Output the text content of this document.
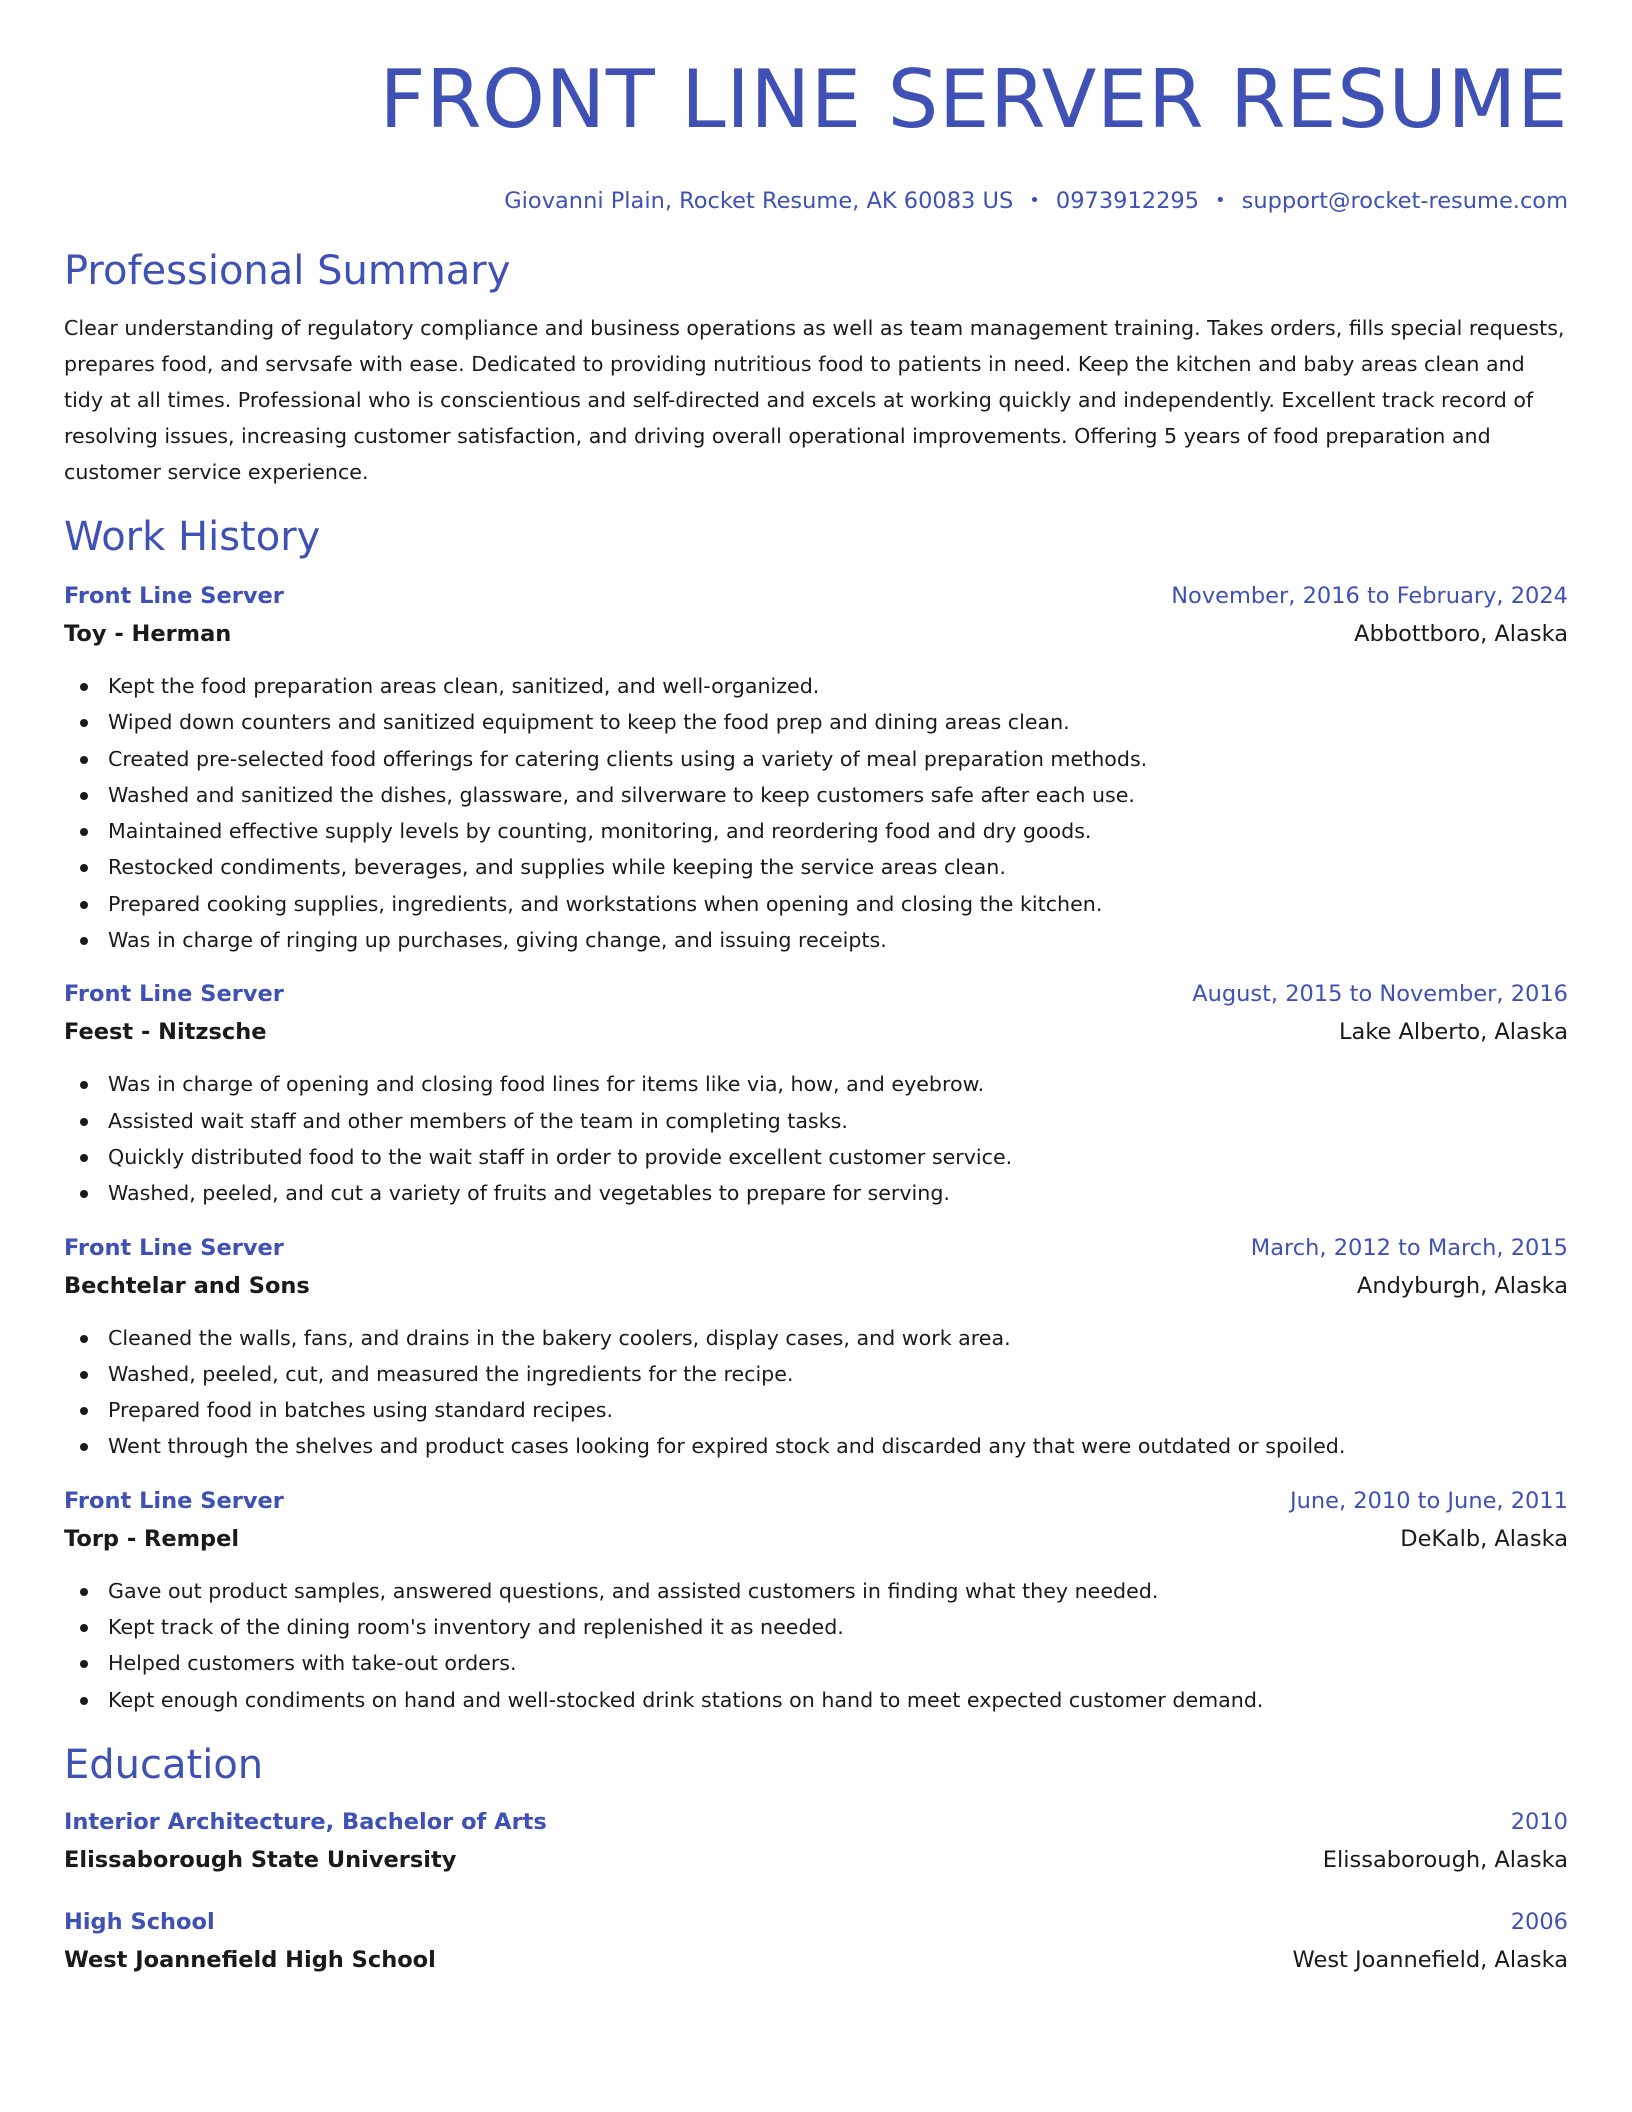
FRONT LINE SERVER RESUME
Giovanni Plain, Rocket Resume, AK 60083 US • 0973912295 • support@rocket-resume.com
Professional Summary

Clear understanding of regulatory compliance and business operations as well as team management training. Takes orders, fills special requests, prepares food, and servsafe with ease. Dedicated to providing nutritious food to patients in need. Keep the kitchen and baby areas clean and tidy at all times. Professional who is conscientious and self-directed and excels at working quickly and independently. Excellent track record of resolving issues, increasing customer satisfaction, and driving overall operational improvements. Offering 5 years of food preparation and customer service experience.

Work History
Front Line Server	November, 2016 to February, 2024
Toy - Herman	Abbottboro, Alaska
Kept the food preparation areas clean, sanitized, and well-organized.
Wiped down counters and sanitized equipment to keep the food prep and dining areas clean.
Created pre-selected food offerings for catering clients using a variety of meal preparation methods.
Washed and sanitized the dishes, glassware, and silverware to keep customers safe after each use.
Maintained effective supply levels by counting, monitoring, and reordering food and dry goods.
Restocked condiments, beverages, and supplies while keeping the service areas clean.
Prepared cooking supplies, ingredients, and workstations when opening and closing the kitchen.
Was in charge of ringing up purchases, giving change, and issuing receipts.
Front Line Server	August, 2015 to November, 2016
Feest - Nitzsche	Lake Alberto, Alaska
Was in charge of opening and closing food lines for items like via, how, and eyebrow.
Assisted wait staff and other members of the team in completing tasks.
Quickly distributed food to the wait staff in order to provide excellent customer service.
Washed, peeled, and cut a variety of fruits and vegetables to prepare for serving.
Front Line Server	March, 2012 to March, 2015
Bechtelar and Sons	Andyburgh, Alaska
Cleaned the walls, fans, and drains in the bakery coolers, display cases, and work area.
Washed, peeled, cut, and measured the ingredients for the recipe.
Prepared food in batches using standard recipes.
Went through the shelves and product cases looking for expired stock and discarded any that were outdated or spoiled.
Front Line Server	June, 2010 to June, 2011
Torp - Rempel	DeKalb, Alaska
Gave out product samples, answered questions, and assisted customers in finding what they needed.
Kept track of the dining room's inventory and replenished it as needed.
Helped customers with take-out orders.
Kept enough condiments on hand and well-stocked drink stations on hand to meet expected customer demand.
Education
Interior Architecture, Bachelor of Arts	2010
Elissaborough State University	Elissaborough, Alaska
High School	2006
West Joannefield High School	West Joannefield, Alaska
